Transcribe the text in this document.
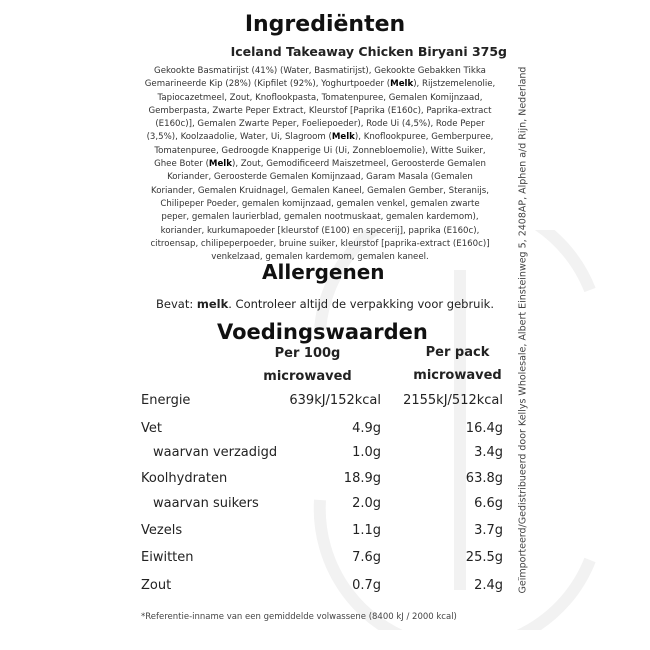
Ingrediënten
Iceland Takeaway Chicken Biryani 375g
Gekookte Basmatirijst (41%) (Water, Basmatirijst), Gekookte Gebakken Tikka
Gemarineerde Kip (28%) (Kipfilet (92%), Yoghurtpoeder (Melk), Rijstzemelenolie,
Tapiocazetmeel, Zout, Knoflookpasta, Tomatenpuree, Gemalen Komijnzaad,
Gemberpasta, Zwarte Peper Extract, Kleurstof [Paprika (E160c), Paprika-extract
(E160c)], Gemalen Zwarte Peper, Foeliepoeder), Rode Ui (4,5%), Rode Peper
(3,5%), Koolzaadolie, Water, Ui, Slagroom (Melk), Knoflookpuree, Gemberpuree,
Tomatenpuree, Gedroogde Knapperige Ui (Ui, Zonnebloemolie), Witte Suiker,
Ghee Boter (Melk), Zout, Gemodificeerd Maiszetmeel, Geroosterde Gemalen
Koriander, Geroosterde Gemalen Komijnzaad, Garam Masala (Gemalen
Koriander, Gemalen Kruidnagel, Gemalen Kaneel, Gemalen Gember, Steranijs,
Chilipeper Poeder, gemalen komijnzaad, gemalen venkel, gemalen zwarte
peper, gemalen laurierblad, gemalen nootmuskaat, gemalen kardemom),
koriander, kurkumapoeder [kleurstof (E100) en specerij], paprika (E160c),
citroensap, chilipeperpoeder, bruine suiker, kleurstof [paprika-extract (E160c)]
venkelzaad, gemalen kardemom, gemalen kaneel.
Allergenen
Bevat: melk. Controleer altijd de verpakking voor gebruik.
Voedingswaarden
Per 100g
microwaved
Per pack
microwaved
Energie	639kJ/152kcal 2155kJ/512kcal
Vet	4.9g	16.4g
waarvan verzadigd	1.0g	3.4g
Koolhydraten	18.9g	63.8g
waarvan suikers	2.0g	6.6g
Vezels	1.1g	3.7g
Eiwitten	7.6g	25.5g
Zout	0.7g	2.4g
*Referentie-inname van een gemiddelde volwassene (8400 kJ / 2000 kcal)
Geïmporteerd/Gedistribueerd door Kellys Wholesale, Albert Einsteinweg 5, 2408AP, Alphen a/d Rijn, Nederland
